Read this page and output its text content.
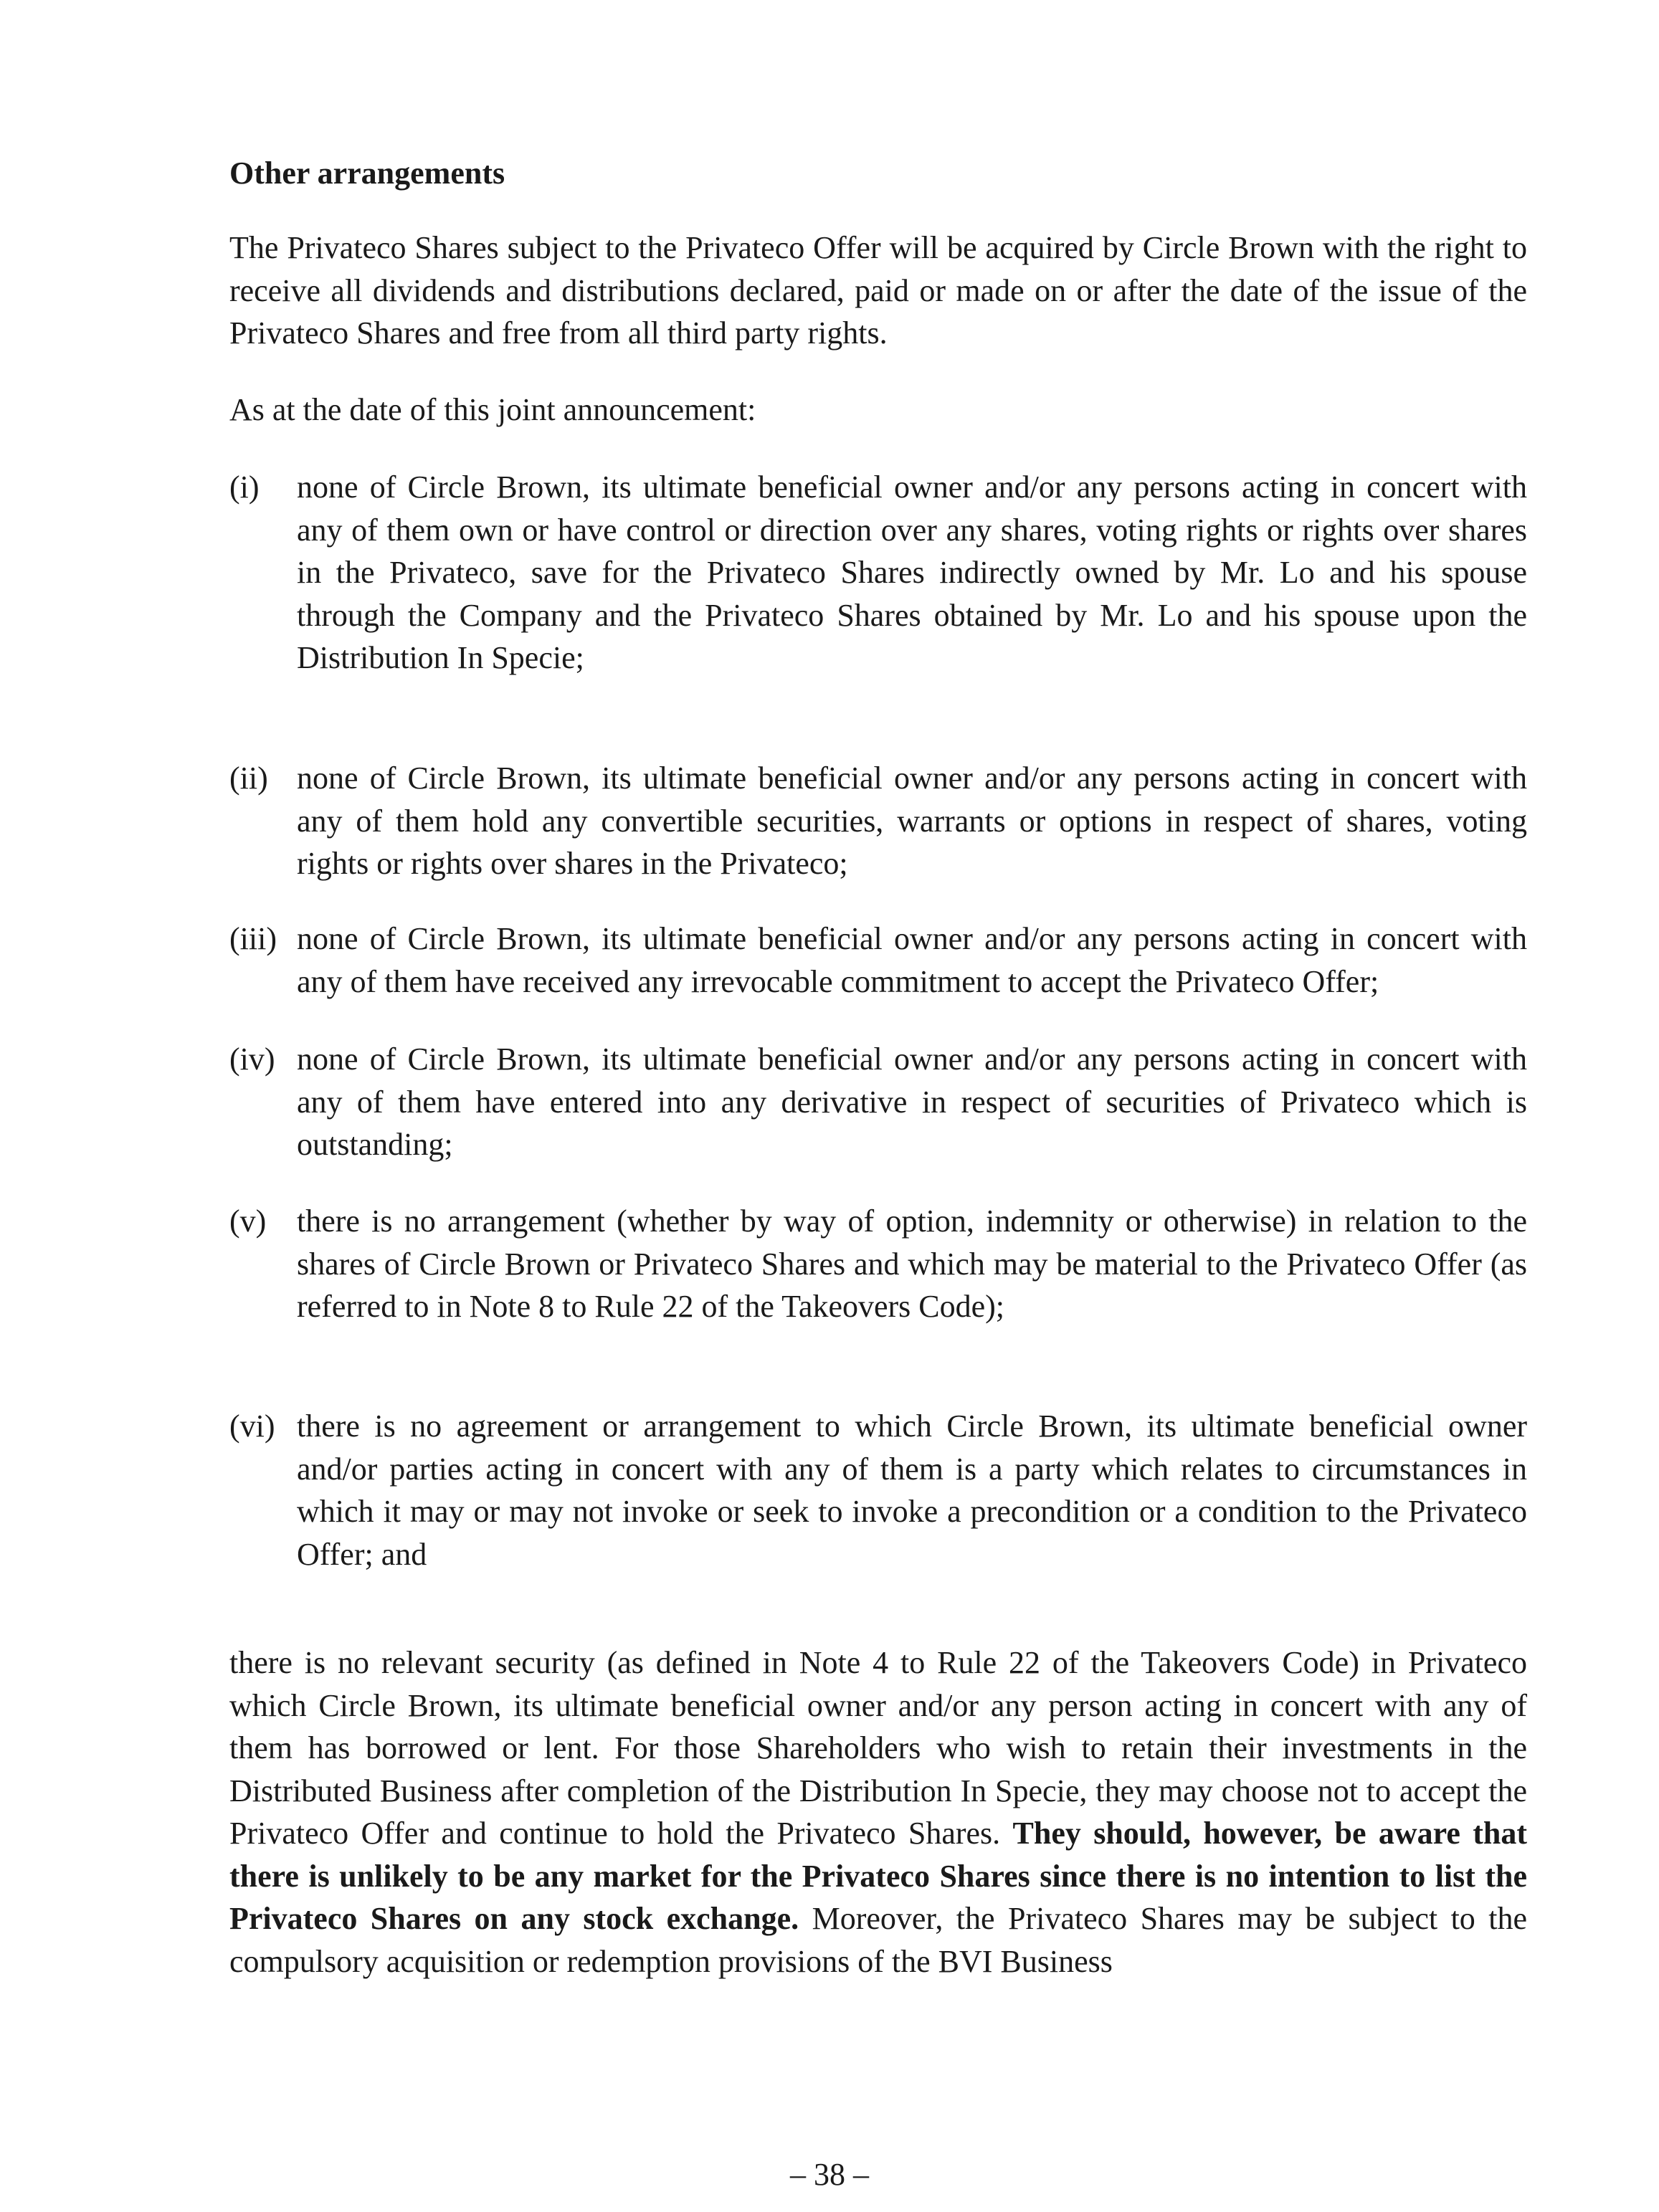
Other arrangements

The Privateco Shares subject to the Privateco Offer will be acquired by Circle Brown with the right to receive all dividends and distributions declared, paid or made on or after the date of the issue of the Privateco Shares and free from all third party rights.

As at the date of this joint announcement:

(i) none of Circle Brown, its ultimate beneficial owner and/or any persons acting in concert with any of them own or have control or direction over any shares, voting rights or rights over shares in the Privateco, save for the Privateco Shares indirectly owned by Mr. Lo and his spouse through the Company and the Privateco Shares obtained by Mr. Lo and his spouse upon the Distribution In Specie;
(ii) none of Circle Brown, its ultimate beneficial owner and/or any persons acting in concert with any of them hold any convertible securities, warrants or options in respect of shares, voting rights or rights over shares in the Privateco;
(iii) none of Circle Brown, its ultimate beneficial owner and/or any persons acting in concert with any of them have received any irrevocable commitment to accept the Privateco Offer;
(iv) none of Circle Brown, its ultimate beneficial owner and/or any persons acting in concert with any of them have entered into any derivative in respect of securities of Privateco which is outstanding;
(v) there is no arrangement (whether by way of option, indemnity or otherwise) in relation to the shares of Circle Brown or Privateco Shares and which may be material to the Privateco Offer (as referred to in Note 8 to Rule 22 of the Takeovers Code);
(vi) there is no agreement or arrangement to which Circle Brown, its ultimate beneficial owner and/or parties acting in concert with any of them is a party which relates to circumstances in which it may or may not invoke or seek to invoke a precondition or a condition to the Privateco Offer; and

there is no relevant security (as defined in Note 4 to Rule 22 of the Takeovers Code) in Privateco which Circle Brown, its ultimate beneficial owner and/or any person acting in concert with any of them has borrowed or lent. For those Shareholders who wish to retain their investments in the Distributed Business after completion of the Distribution In Specie, they may choose not to accept the Privateco Offer and continue to hold the Privateco Shares. They should, however, be aware that there is unlikely to be any market for the Privateco Shares since there is no intention to list the Privateco Shares on any stock exchange. Moreover, the Privateco Shares may be subject to the compulsory acquisition or redemption provisions of the BVI Business

– 38 –
